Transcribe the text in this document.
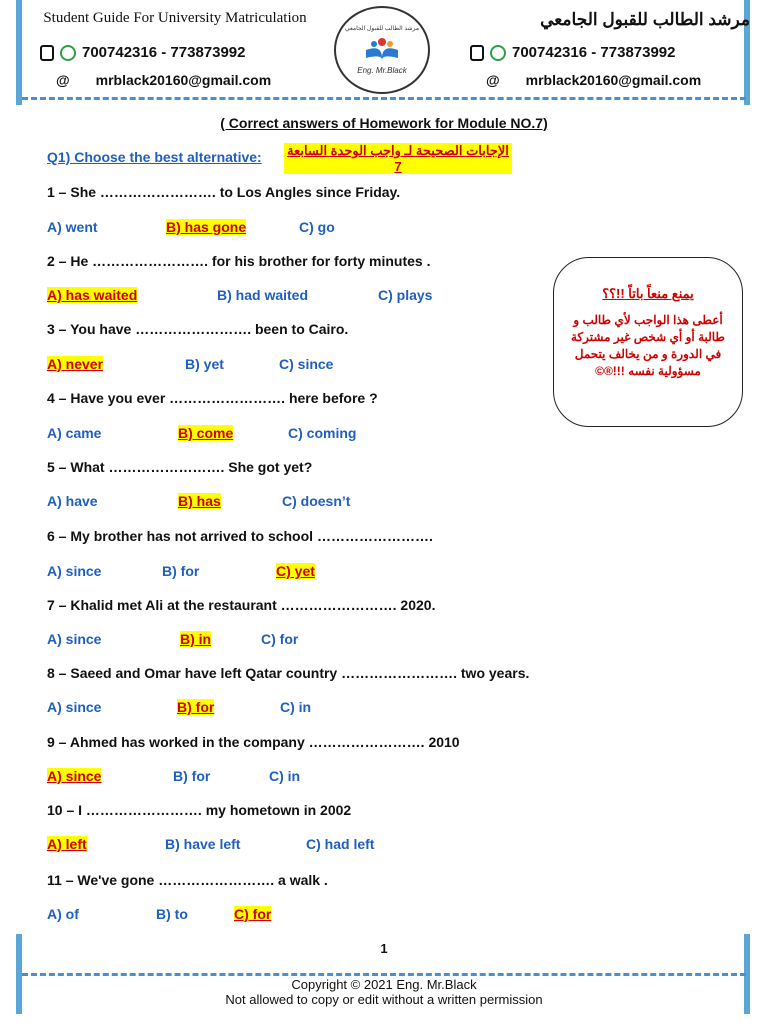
Student Guide For University Matriculation	مرشد الطالب للقبول الجامعي
700742316 - 773873992	700742316 - 773873992
@ mrblack20160@gmail.com	@ mrblack20160@gmail.com
مرشد الطالب للقبول الجامعي
Eng. Mr.Black
( Correct answers of Homework for Module NO.7)
Q1) Choose the best alternative: الإجابات الصحيحة لـ واجب الوحدة السابعة 7
1 – She ……………………. to Los Angles since Friday.
A) went	B) has gone	C) go
2 – He ……………………. for his brother for forty minutes .
A) has waited	B) had waited	C) plays
3 – You have ……………………. been to Cairo.
A) never	B) yet	C) since
4 – Have you ever ……………………. here before ?
A) came	B) come	C) coming
5 – What ……………………. She got yet?
A) have	B) has	C) doesn’t
6 – My brother has not arrived to school …………………….
A) since	B) for	C) yet
7 – Khalid met Ali at the restaurant ……………………. 2020.
A) since	B) in	C) for
8 – Saeed and Omar have left Qatar country ……………………. two years.
A) since	B) for	C) in
9 – Ahmed has worked in the company ……………………. 2010
A) since	B) for	C) in
10 – I ……………………. my hometown in 2002
A) left	B) have left	C) had left
11 – We've gone ……………………. a walk .
A) of	B) to	C) for
يمنع منعاً باتاً !!؟؟
أعطى هذا الواجب لأي طالب و طالبة أو أي شخص غير مشتركة في الدورة و من يخالف يتحمل مسؤولية نفسه !!!®©
1
Copyright © 2021 Eng. Mr.Black
Not allowed to copy or edit without a written permission
